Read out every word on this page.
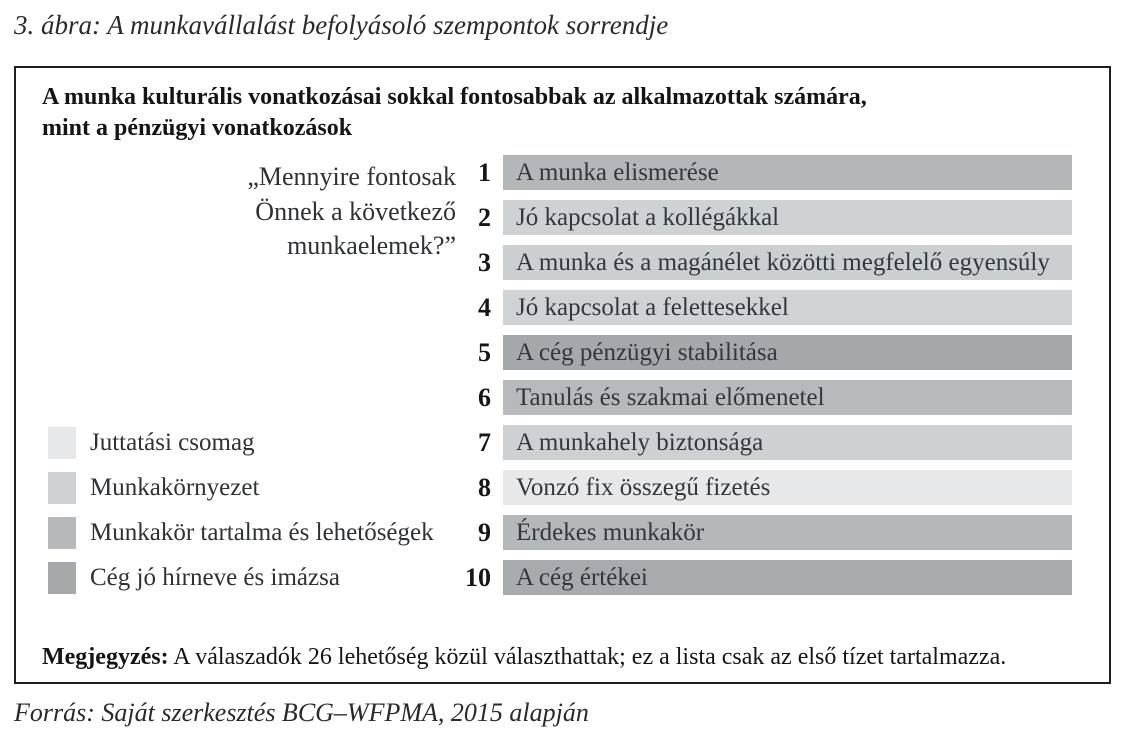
3. ábra: A munkavállalást befolyásoló szempontok sorrendje
A munka kulturális vonatkozásai sokkal fontosabbak az alkalmazottak számára,
mint a pénzügyi vonatkozások
„Mennyire fontosak
Önnek a következő
munkaelemek?”
1	A munka elismerése
2	Jó kapcsolat a kollégákkal
3	A munka és a magánélet közötti megfelelő egyensúly
4	Jó kapcsolat a felettesekkel
5	A cég pénzügyi stabilitása
6	Tanulás és szakmai előmenetel
7	A munkahely biztonsága
8	Vonzó fix összegű fizetés
9	Érdekes munkakör
10	A cég értékei
Juttatási csomag
Munkakörnyezet
Munkakör tartalma és lehetőségek
Cég jó hírneve és imázsa
Megjegyzés: A válaszadók 26 lehetőség közül választhattak; ez a lista csak az első tízet tartalmazza.
Forrás: Saját szerkesztés BCG–WFPMA, 2015 alapján
